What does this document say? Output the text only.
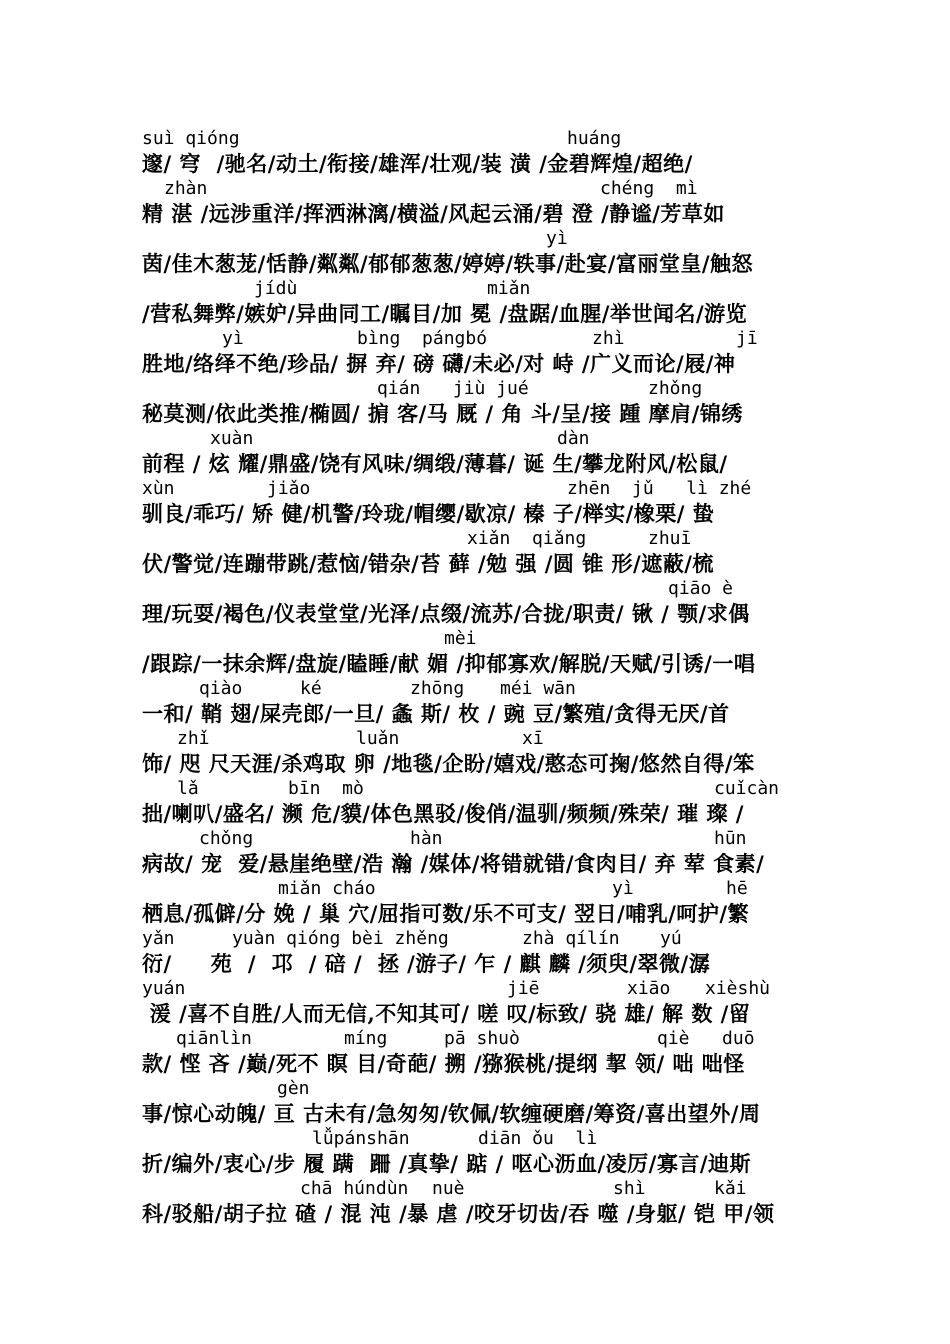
suì qióng	huáng
邃/ 穹  /驰名/动土/衔接/雄浑/壮观/装 潢 /金碧辉煌/超绝/
zhàn	chéng  mì
精 湛 /远涉重洋/挥洒淋漓/横溢/风起云涌/碧 澄 /静谧/芳草如
yì
茵/佳木葱茏/恬静/粼粼/郁郁葱葱/婷婷/轶事/赴宴/富丽堂皇/触怒
jídù	miǎn
/营私舞弊/嫉妒/异曲同工/瞩目/加 冕 /盘踞/血腥/举世闻名/游览
yì	bìng  pángbó	zhì	jī
胜地/络绎不绝/珍品/ 摒 弃/ 磅 礴/未必/对 峙 /广义而论/屐/神
qián   jiù jué	zhǒng
秘莫测/依此类推/椭圆/ 掮 客/马 厩 / 角 斗/呈/接 踵 摩肩/锦绣
xuàn	dàn
前程 / 炫 耀/鼎盛/饶有风味/绸缎/薄暮/ 诞 生/攀龙附风/松鼠/
xùn	jiǎo	zhēn  jǔ   lì zhé
驯良/乖巧/ 矫 健/机警/玲珑/帽缨/歇凉/ 榛 子/榉实/橡栗/ 蛰
xiǎn  qiǎng	zhuī
伏/警觉/连蹦带跳/惹恼/错杂/苔 藓 /勉 强 /圆 锥 形/遮蔽/梳
qiāo è
理/玩耍/褐色/仪表堂堂/光泽/点缀/流苏/合拢/职责/ 锹 / 颚/求偶
mèi
/跟踪/一抹余辉/盘旋/瞌睡/献 媚 /抑郁寡欢/解脱/天赋/引诱/一唱
qiào	ké	zhōng méi wān
一和/ 鞘 翅/屎壳郎/一旦/ 螽 斯/ 枚 / 豌 豆/繁殖/贪得无厌/首
zhǐ	luǎn	xī
饰/ 咫 尺天涯/杀鸡取 卵 /地毯/企盼/嬉戏/憨态可掬/悠然自得/笨
lǎ	bīn  mò	cuǐcàn
拙/喇叭/盛名/ 濒 危/貘/体色黑驳/俊俏/温驯/频频/殊荣/ 璀 璨 /
chǒng	hàn	hūn
病故/ 宠  爱/悬崖绝壁/浩 瀚 /媒体/将错就错/食肉目/ 弃 荤 食素/
miǎn cháo	yì	hē
栖息/孤僻/分 娩 / 巢 穴/屈指可数/乐不可支/ 翌日/哺乳/呵护/繁
yǎn	yuàn qióng bèi zhěng	zhà qílín yú
衍/     苑  /  邛  / 碚 /  拯 /游子/ 乍 / 麒 麟 /须臾/翠微/潺
yuán	jiē	xiāo xièshù
湲 /喜不自胜/人而无信,不知其可/ 嗟 叹/标致/ 骁 雄/ 解 数 /留
qiānlìn	míng	pā shuò	qiè   duō
款/ 悭 吝 /巅/死不 瞑 目/奇葩/ 搠 /猕猴桃/提纲 挈 领/ 咄 咄怪
gèn
事/惊心动魄/ 亘 古未有/急匆匆/钦佩/软缠硬磨/筹资/喜出望外/周
lǚpánshān	diān ǒu  lì
折/编外/衷心/步 履 蹒  跚 /真挚/ 踮 / 呕心沥血/凌厉/寡言/迪斯
chā húndùn nuè	shì	kǎi
科/驳船/胡子拉 碴 / 混 沌 /暴 虐 /咬牙切齿/吞 噬 /身躯/ 铠 甲/领
